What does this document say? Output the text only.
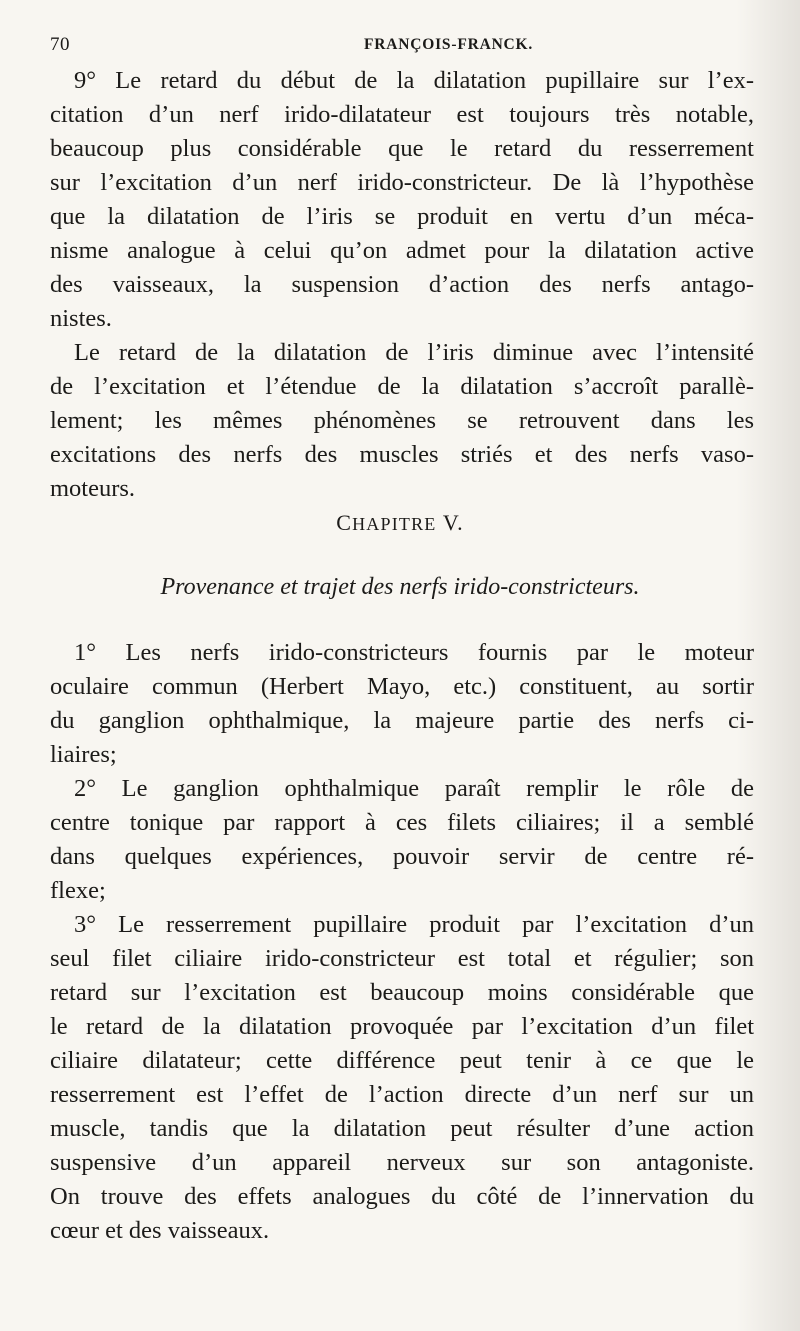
70	FRANÇOIS-FRANCK.
9° Le retard du début de la dilatation pupillaire sur l’ex-
citation d’un nerf irido-dilatateur est toujours très notable,
beaucoup plus considérable que le retard du resserrement
sur l’excitation d’un nerf irido-constricteur. De là l’hypothèse
que la dilatation de l’iris se produit en vertu d’un méca-
nisme analogue à celui qu’on admet pour la dilatation active
des vaisseaux, la suspension d’action des nerfs antago-
nistes.
Le retard de la dilatation de l’iris diminue avec l’intensité
de l’excitation et l’étendue de la dilatation s’accroît parallè-
lement; les mêmes phénomènes se retrouvent dans les
excitations des nerfs des muscles striés et des nerfs vaso-
moteurs.
CHAPITRE V.
Provenance et trajet des nerfs irido-constricteurs.
1° Les nerfs irido-constricteurs fournis par le moteur
oculaire commun (Herbert Mayo, etc.) constituent, au sortir
du ganglion ophthalmique, la majeure partie des nerfs ci-
liaires;
2° Le ganglion ophthalmique paraît remplir le rôle de
centre tonique par rapport à ces filets ciliaires; il a semblé
dans quelques expériences, pouvoir servir de centre ré-
flexe;
3° Le resserrement pupillaire produit par l’excitation d’un
seul filet ciliaire irido-constricteur est total et régulier; son
retard sur l’excitation est beaucoup moins considérable que
le retard de la dilatation provoquée par l’excitation d’un filet
ciliaire dilatateur; cette différence peut tenir à ce que le
resserrement est l’effet de l’action directe d’un nerf sur un
muscle, tandis que la dilatation peut résulter d’une action
suspensive d’un appareil nerveux sur son antagoniste.
On trouve des effets analogues du côté de l’innervation du
cœur et des vaisseaux.
